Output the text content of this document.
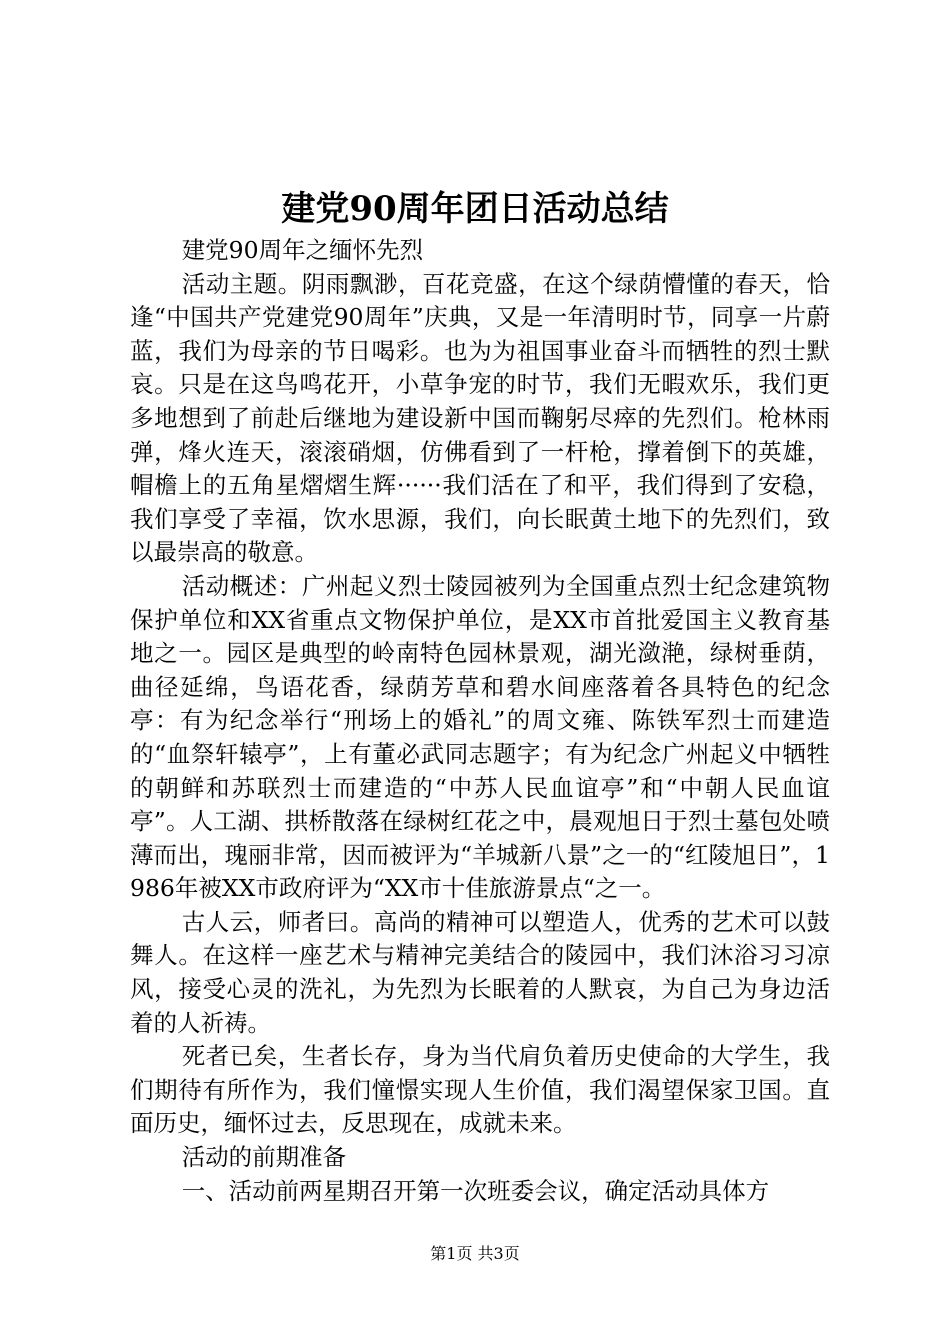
建党90周年团日活动总结

建党90周年之缅怀先烈

活动主题。阴雨飘渺，百花竞盛，在这个绿荫懵懂的春天，恰逢“中国共产党建党90周年”庆典，又是一年清明时节，同享一片蔚蓝，我们为母亲的节日喝彩。也为为祖国事业奋斗而牺牲的烈士默哀。只是在这鸟鸣花开，小草争宠的时节，我们无暇欢乐，我们更多地想到了前赴后继地为建设新中国而鞠躬尽瘁的先烈们。枪林雨弹，烽火连天，滚滚硝烟，仿佛看到了一杆枪，撑着倒下的英雄，帽檐上的五角星熠熠生辉······我们活在了和平，我们得到了安稳，我们享受了幸福，饮水思源，我们，向长眠黄土地下的先烈们，致以最崇高的敬意。

活动概述：广州起义烈士陵园被列为全国重点烈士纪念建筑物保护单位和XX省重点文物保护单位，是XX市首批爱国主义教育基地之一。园区是典型的岭南特色园林景观，湖光潋滟，绿树垂荫，曲径延绵，鸟语花香，绿荫芳草和碧水间座落着各具特色的纪念亭：有为纪念举行“刑场上的婚礼”的周文雍、陈铁军烈士而建造的“血祭轩辕亭”，上有董必武同志题字；有为纪念广州起义中牺牲的朝鲜和苏联烈士而建造的“中苏人民血谊亭”和“中朝人民血谊亭”。人工湖、拱桥散落在绿树红花之中，晨观旭日于烈士墓包处喷薄而出，瑰丽非常，因而被评为“羊城新八景”之一的“红陵旭日”，1986年被XX市政府评为“XX市十佳旅游景点“之一。

古人云，师者曰。高尚的精神可以塑造人，优秀的艺术可以鼓舞人。在这样一座艺术与精神完美结合的陵园中，我们沐浴习习凉风，接受心灵的洗礼，为先烈为长眠着的人默哀，为自己为身边活着的人祈祷。

死者已矣，生者长存，身为当代肩负着历史使命的大学生，我们期待有所作为，我们憧憬实现人生价值，我们渴望保家卫国。直面历史，缅怀过去，反思现在，成就未来。

活动的前期准备

一、活动前两星期召开第一次班委会议，确定活动具体方

第1页 共3页
